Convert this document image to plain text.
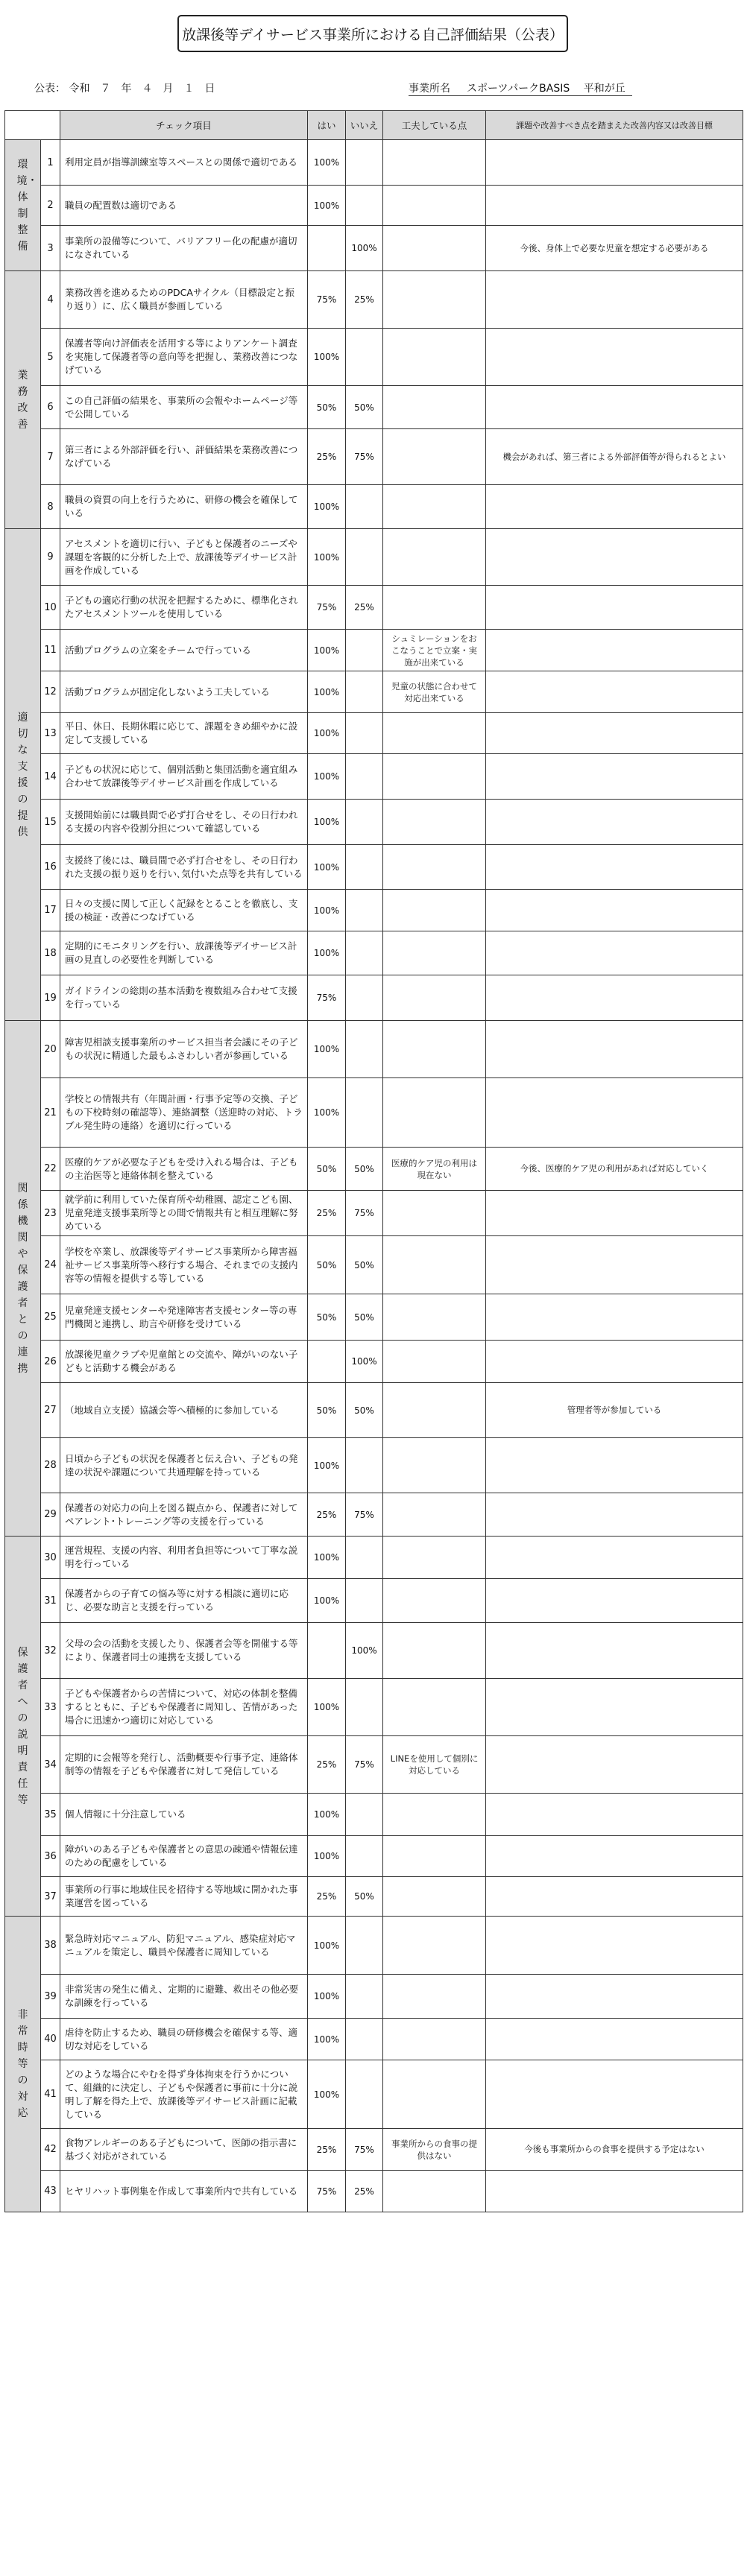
放課後等デイサービス事業所における自己評価結果（公表）
公表： 令和　７　年　４　月　１　日	事業所名 スポーツパークBASIS　 平和が丘
		チェック項目	はい	いいえ	工夫している点	課題や改善すべき点を踏まえた改善内容又は改善目標
環境・体制整備	1	利用定員が指導訓練室等スペースとの関係で適切である	100%			
	2	職員の配置数は適切である	100%			
	3	事業所の設備等について、バリアフリー化の配慮が適切になされている		100%		今後、身体上で必要な児童を想定する必要がある
業務改善	4	業務改善を進めるためのPDCAサイクル（目標設定と振り返り）に、広く職員が参画している	75%	25%		
	5	保護者等向け評価表を活用する等によりアンケート調査を実施して保護者等の意向等を把握し、業務改善につなげている	100%			
	6	この自己評価の結果を、事業所の会報やホームページ等で公開している	50%	50%		
	7	第三者による外部評価を行い、評価結果を業務改善につなげている	25%	75%		機会があれば、第三者による外部評価等が得られるとよい
	8	職員の資質の向上を行うために、研修の機会を確保している	100%			
適切な支援の提供	9	アセスメントを適切に行い、子どもと保護者のニーズや課題を客観的に分析した上で、放課後等デイサービス計画を作成している	100%			
	10	子どもの適応行動の状況を把握するために、標準化されたアセスメントツールを使用している	75%	25%		
	11	活動プログラムの立案をチームで行っている	100%		シュミレーションをおこなうことで立案・実施が出来ている	
	12	活動プログラムが固定化しないよう工夫している	100%		児童の状態に合わせて対応出来ている	
	13	平日、休日、長期休暇に応じて、課題をきめ細やかに設定して支援している	100%			
	14	子どもの状況に応じて、個別活動と集団活動を適宜組み合わせて放課後等デイサービス計画を作成している	100%			
	15	支援開始前には職員間で必ず打合せをし、その日行われる支援の内容や役割分担について確認している	100%			
	16	支援終了後には、職員間で必ず打合せをし、その日行われた支援の振り返りを行い､気付いた点等を共有している	100%			
	17	日々の支援に関して正しく記録をとることを徹底し、支援の検証・改善につなげている	100%			
	18	定期的にモニタリングを行い、放課後等デイサービス計画の見直しの必要性を判断している	100%			
	19	ガイドラインの総則の基本活動を複数組み合わせて支援を行っている	75%			
関係機関や保護者との連携	20	障害児相談支援事業所のサービス担当者会議にその子どもの状況に精通した最もふさわしい者が参画している	100%			
	21	学校との情報共有（年間計画・行事予定等の交換、子どもの下校時刻の確認等）、連絡調整（送迎時の対応、トラブル発生時の連絡）を適切に行っている	100%			
	22	医療的ケアが必要な子どもを受け入れる場合は、子どもの主治医等と連絡体制を整えている	50%	50%	医療的ケア児の利用は現在ない	今後、医療的ケア児の利用があれば対応していく
	23	就学前に利用していた保育所や幼稚園、認定こども園、児童発達支援事業所等との間で情報共有と相互理解に努めている	25%	75%		
	24	学校を卒業し、放課後等デイサービス事業所から障害福祉サービス事業所等へ移行する場合、それまでの支援内容等の情報を提供する等している	50%	50%		
	25	児童発達支援センターや発達障害者支援センター等の専門機関と連携し、助言や研修を受けている	50%	50%		
	26	放課後児童クラブや児童館との交流や、障がいのない子どもと活動する機会がある		100%		
	27	（地域自立支援）協議会等へ積極的に参加している	50%	50%		管理者等が参加している
	28	日頃から子どもの状況を保護者と伝え合い、子どもの発達の状況や課題について共通理解を持っている	100%			
	29	保護者の対応力の向上を図る観点から、保護者に対してペアレント･トレーニング等の支援を行っている	25%	75%		
保護者への説明責任等	30	運営規程、支援の内容、利用者負担等について丁寧な説明を行っている	100%			
	31	保護者からの子育ての悩み等に対する相談に適切に応じ、必要な助言と支援を行っている	100%			
	32	父母の会の活動を支援したり、保護者会等を開催する等により、保護者同士の連携を支援している		100%		
	33	子どもや保護者からの苦情について、対応の体制を整備するとともに、子どもや保護者に周知し、苦情があった場合に迅速かつ適切に対応している	100%			
	34	定期的に会報等を発行し、活動概要や行事予定、連絡体制等の情報を子どもや保護者に対して発信している	25%	75%	LINEを使用して個別に対応している	
	35	個人情報に十分注意している	100%			
	36	障がいのある子どもや保護者との意思の疎通や情報伝達のための配慮をしている	100%			
	37	事業所の行事に地域住民を招待する等地域に開かれた事業運営を図っている	25%	50%		
非常時等の対応	38	緊急時対応マニュアル、防犯マニュアル、感染症対応マニュアルを策定し、職員や保護者に周知している	100%			
	39	非常災害の発生に備え、定期的に避難、救出その他必要な訓練を行っている	100%			
	40	虐待を防止するため、職員の研修機会を確保する等、適切な対応をしている	100%			
	41	どのような場合にやむを得ず身体拘束を行うかについて、組織的に決定し、子どもや保護者に事前に十分に説明し了解を得た上で、放課後等デイサービス計画に記載している	100%			
	42	食物アレルギーのある子どもについて、医師の指示書に基づく対応がされている	25%	75%	事業所からの食事の提供はない	今後も事業所からの食事を提供する予定はない
	43	ヒヤリハット事例集を作成して事業所内で共有している	75%	25%		
